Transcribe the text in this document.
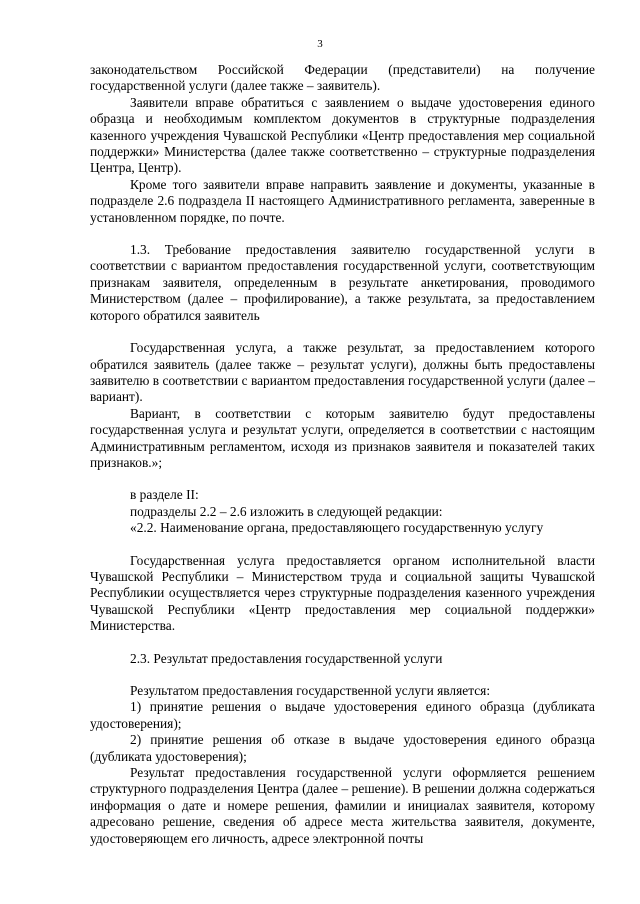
3

законодательством Российской Федерации (представители) на получение государственной услуги (далее также – заявитель).

Заявители вправе обратиться с заявлением о выдаче удостоверения единого образца и необходимым комплектом документов в структурные подразделения казенного учреждения Чувашской Республики «Центр предоставления мер социальной поддержки» Министерства (далее также соответственно – структурные подразделения Центра, Центр).

Кроме того заявители вправе направить заявление и документы, указанные в подразделе 2.6 подраздела II настоящего Административного регламента, заверенные в установленном порядке, по почте.

1.3. Требование предоставления заявителю государственной услуги в соответствии с вариантом предоставления государственной услуги, соответствующим признакам заявителя, определенным в результате анкетирования, проводимого Министерством (далее – профилирование), а также результата, за предоставлением которого обратился заявитель

Государственная услуга, а также результат, за предоставлением которого обратился заявитель (далее также – результат услуги), должны быть предоставлены заявителю в соответствии с вариантом предоставления государственной услуги (далее – вариант).

Вариант, в соответствии с которым заявителю будут предоставлены государственная услуга и результат услуги, определяется в соответствии с настоящим Административным регламентом, исходя из признаков заявителя и показателей таких признаков.»;

в разделе II:

подразделы 2.2 – 2.6 изложить в следующей редакции:

«2.2. Наименование органа, предоставляющего государственную услугу

Государственная услуга предоставляется органом исполнительной власти Чувашской Республики – Министерством труда и социальной защиты Чувашской Республикии осуществляется через структурные подразделения казенного учреждения Чувашской Республики «Центр предоставления мер социальной поддержки» Министерства.

2.3. Результат предоставления государственной услуги

Результатом предоставления государственной услуги является:

1) принятие решения о выдаче удостоверения единого образца (дубликата удостоверения);

2) принятие решения об отказе в выдаче удостоверения единого образца (дубликата удостоверения);

Результат предоставления государственной услуги оформляется решением структурного подразделения Центра (далее – решение). В решении должна содержаться информация о дате и номере решения, фамилии и инициалах заявителя, которому адресовано решение, сведения об адресе места жительства заявителя, документе, удостоверяющем его личность, адресе электронной почты
